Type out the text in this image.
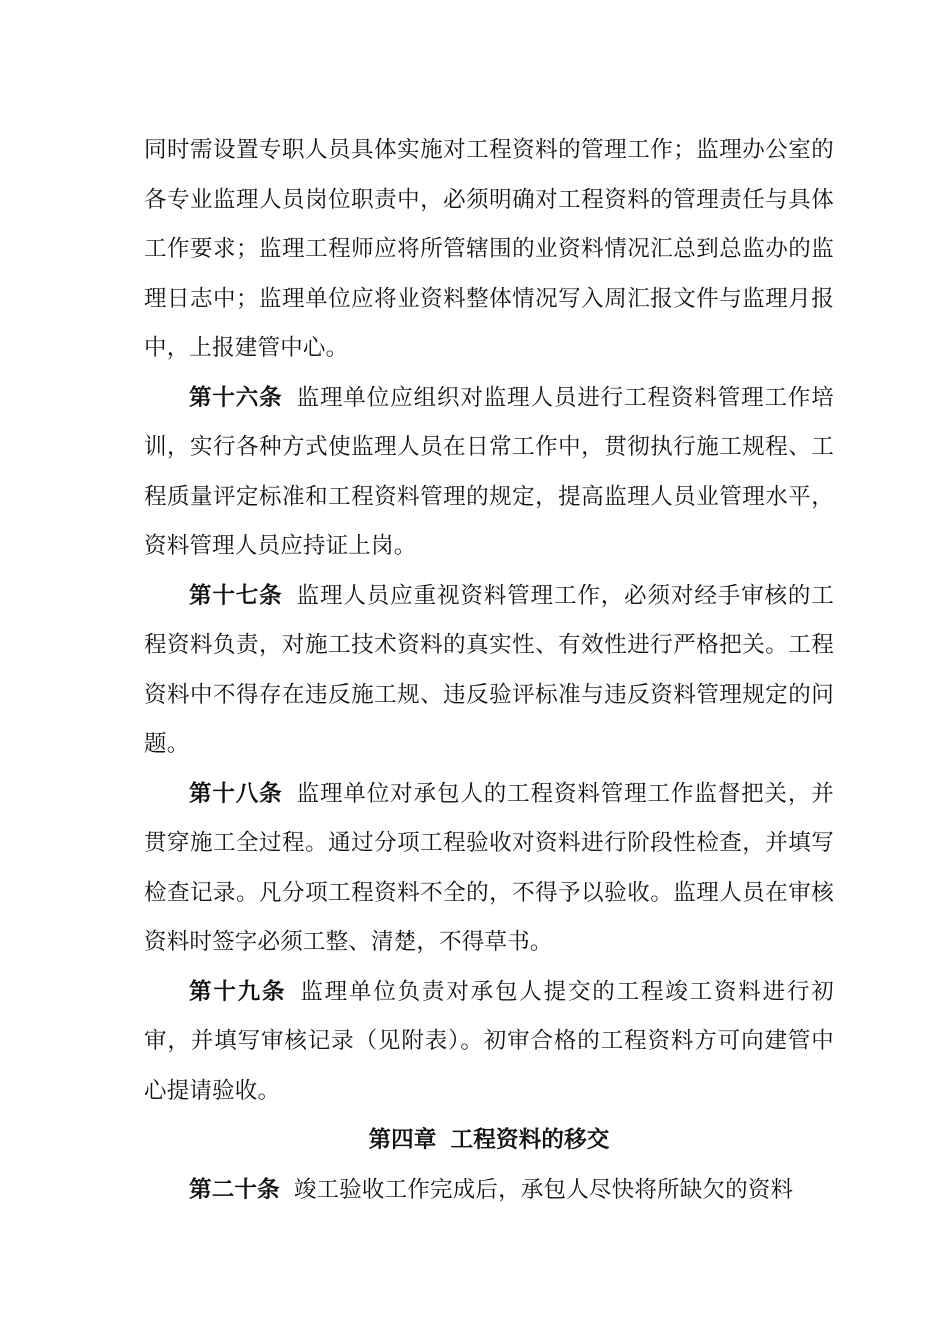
同时需设置专职人员具体实施对工程资料的管理工作；监理办公室的各专业监理人员岗位职责中，必须明确对工程资料的管理责任与具体工作要求；监理工程师应将所管辖围的业资料情况汇总到总监办的监理日志中；监理单位应将业资料整体情况写入周汇报文件与监理月报中，上报建管中心。

第十六条 监理单位应组织对监理人员进行工程资料管理工作培训，实行各种方式使监理人员在日常工作中，贯彻执行施工规程、工程质量评定标准和工程资料管理的规定，提高监理人员业管理水平，资料管理人员应持证上岗。

第十七条 监理人员应重视资料管理工作，必须对经手审核的工程资料负责，对施工技术资料的真实性、有效性进行严格把关。工程资料中不得存在违反施工规、违反验评标准与违反资料管理规定的问题。

第十八条 监理单位对承包人的工程资料管理工作监督把关，并贯穿施工全过程。通过分项工程验收对资料进行阶段性检查，并填写检查记录。凡分项工程资料不全的，不得予以验收。监理人员在审核资料时签字必须工整、清楚，不得草书。

第十九条 监理单位负责对承包人提交的工程竣工资料进行初审，并填写审核记录（见附表）。初审合格的工程资料方可向建管中心提请验收。

第四章 工程资料的移交

第二十条 竣工验收工作完成后，承包人尽快将所缺欠的资料
